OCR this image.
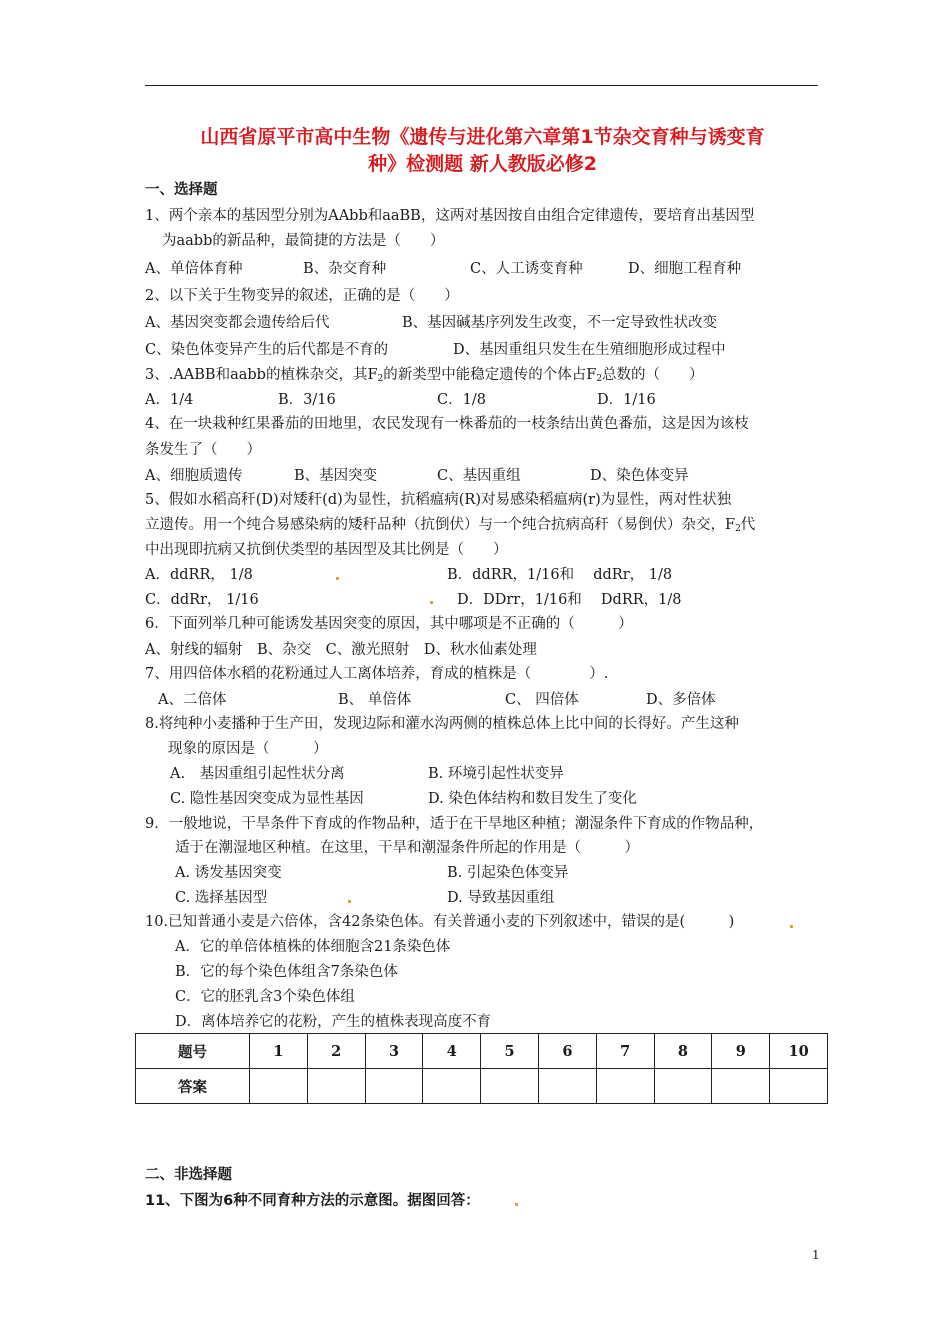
山西省原平市高中生物《遗传与进化第六章第1节杂交育种与诱变育
种》检测题 新人教版必修2
一、选择题
1、两个亲本的基因型分别为AAbb和aaBB，这两对基因按自由组合定律遗传，要培育出基因型
为aabb的新品种，最简捷的方法是（　　）
A、单倍体育种	B、杂交育种	C、人工诱变育种	D、细胞工程育种
2、以下关于生物变异的叙述，正确的是（　　）
A、基因突变都会遗传给后代	B、基因碱基序列发生改变，不一定导致性状改变
C、染色体变异产生的后代都是不育的	D、基因重组只发生在生殖细胞形成过程中
3、.AABB和aabb的植株杂交，其$F_2$的新类型中能稳定遗传的个体占$F_2$总数的（　　）
A．1/4	B．3/16	C．1/8	D．1/16
4、在一块栽种红果番茄的田地里，农民发现有一株番茄的一枝条结出黄色番茄，这是因为该枝
条发生了（　　）
A、细胞质遗传	B、基因突变	C、基因重组	D、染色体变异
5、假如水稻高秆(D)对矮秆(d)为显性，抗稻瘟病(R)对易感染稻瘟病(r)为显性，两对性状独
立遗传。用一个纯合易感染病的矮秆品种（抗倒伏）与一个纯合抗病高秆（易倒伏）杂交，$F_2$代
中出现即抗病又抗倒伏类型的基因型及其比例是（　　）
A．ddRR， 1/8	B．ddRR，1/16和　 ddRr， 1/8
C．ddRr， 1/16	D．DDrr，1/16和　 DdRR，1/8
6．下面列举几种可能诱发基因突变的原因，其中哪项是不正确的（　　　）
A、射线的辐射　B、杂交　C、激光照射　D、秋水仙素处理
7、用四倍体水稻的花粉通过人工离体培养，育成的植株是（　　　　）.
A、二倍体	B、 单倍体	C、 四倍体	D、多倍体
8.将纯种小麦播种于生产田，发现边际和灌水沟两侧的植株总体上比中间的长得好。产生这种
现象的原因是（　　　）
A.　基因重组引起性状分离	B. 环境引起性状变异
C. 隐性基因突变成为显性基因	D. 染色体结构和数目发生了变化
9．一般地说，干旱条件下育成的作物品种，适于在干旱地区种植；潮湿条件下育成的作物品种，
适于在潮湿地区种植。在这里，干旱和潮湿条件所起的作用是（　　　）
A. 诱发基因突变	B. 引起染色体变异
C. 选择基因型	D. 导致基因重组
10.已知普通小麦是六倍体，含42条染色体。有关普通小麦的下列叙述中，错误的是(　　　)
A．它的单倍体植株的体细胞含21条染色体
B．它的每个染色体组含7条染色体
C．它的胚乳含3个染色体组
D．离体培养它的花粉，产生的植株表现高度不育
题号	1	2	3	4	5	6	7	8	9	10
答案										
二、非选择题
11、下图为6种不同育种方法的示意图。据图回答：
1
